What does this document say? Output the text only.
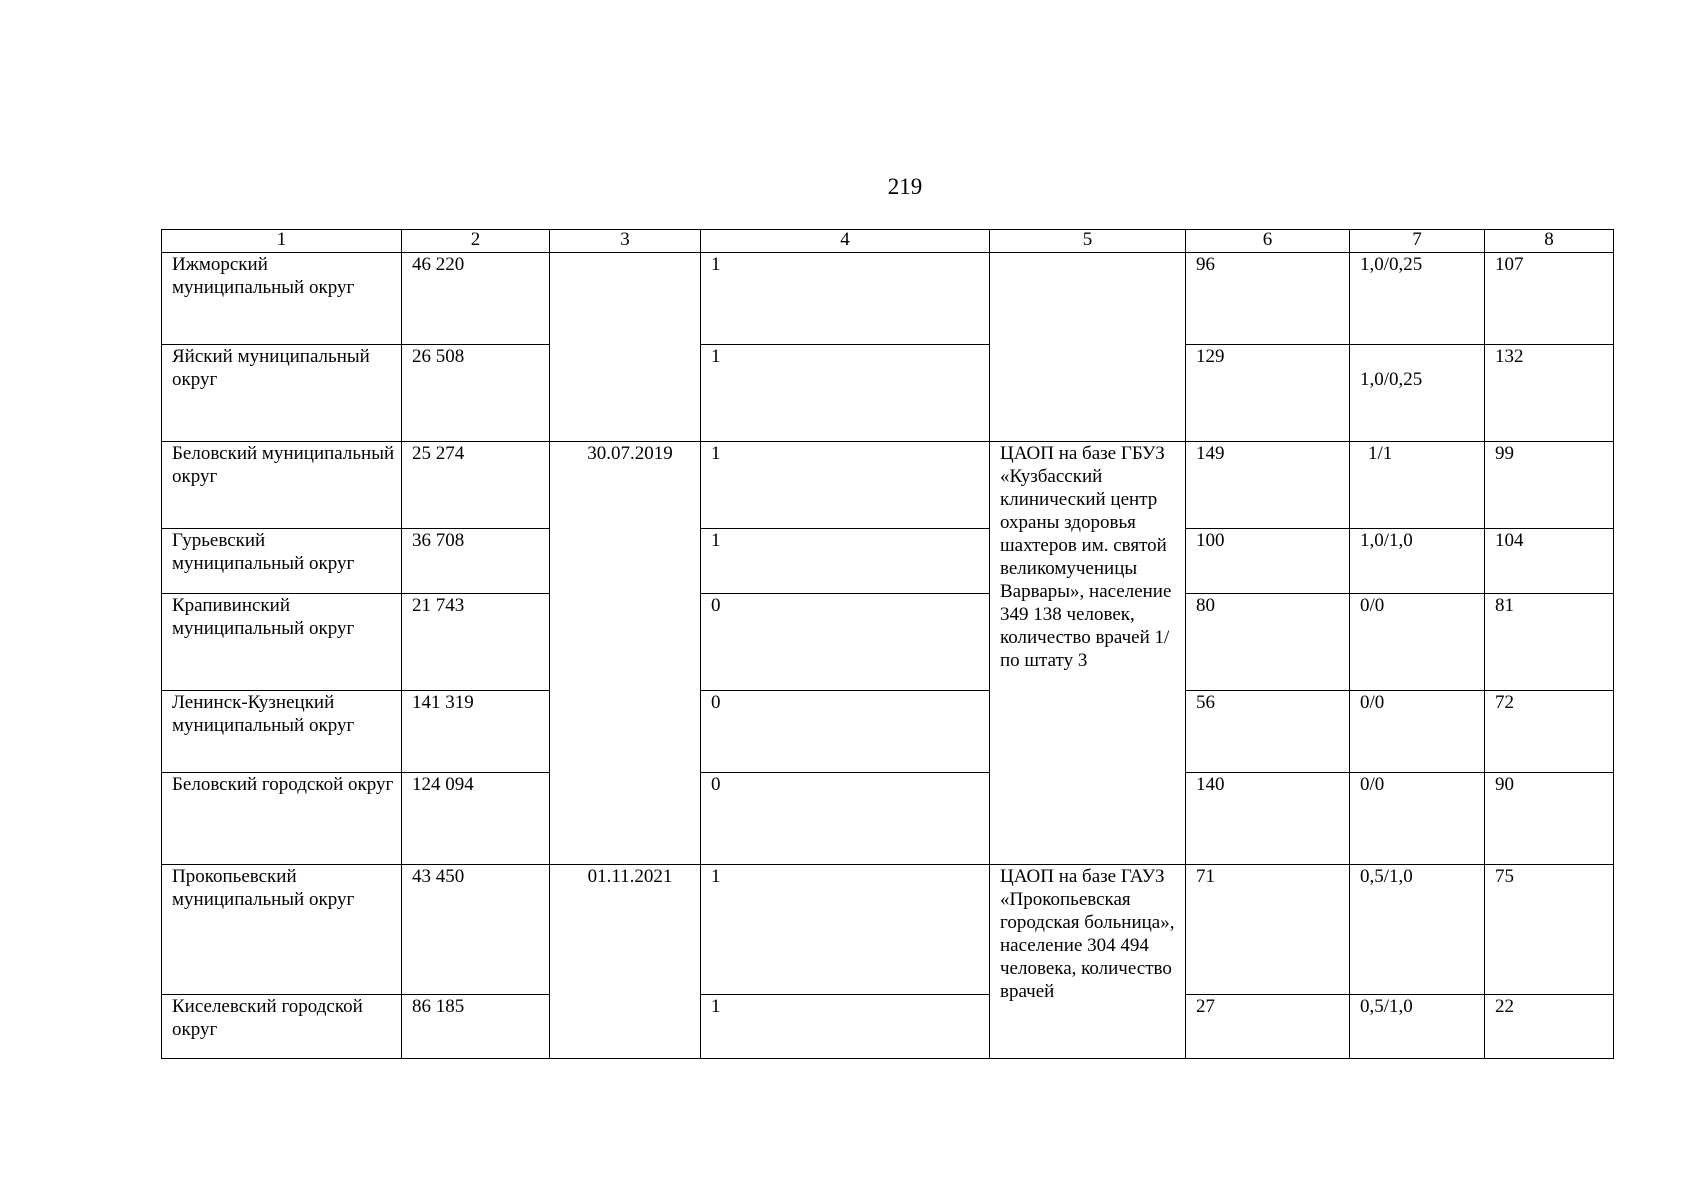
219
1	2	3	4	5	6	7	8
Ижморский муниципальный округ	46 220		1		96	1,0/0,25	107
Яйский муниципальный округ	26 508		1		129	1,0/0,25	132
Беловский муниципальный округ	25 274	30.07.2019	1	ЦАОП на базе ГБУЗ «Кузбасский клинический центр охраны здоровья шахтеров им. святой великомученицы Варвары», население 349 138 человек, количество врачей 1/по штату 3	149	1/1	99
Гурьевский муниципальный округ	36 708		1		100	1,0/1,0	104
Крапивинский муниципальный округ	21 743		0		80	0/0	81
Ленинск-Кузнецкий муниципальный округ	141 319		0		56	0/0	72
Беловский городской округ	124 094		0		140	0/0	90
Прокопьевский муниципальный округ	43 450	01.11.2021	1	ЦАОП на базе ГАУЗ «Прокопьевская городская больница», население 304 494 человека, количество врачей	71	0,5/1,0	75
Киселевский городской округ	86 185		1		27	0,5/1,0	22
